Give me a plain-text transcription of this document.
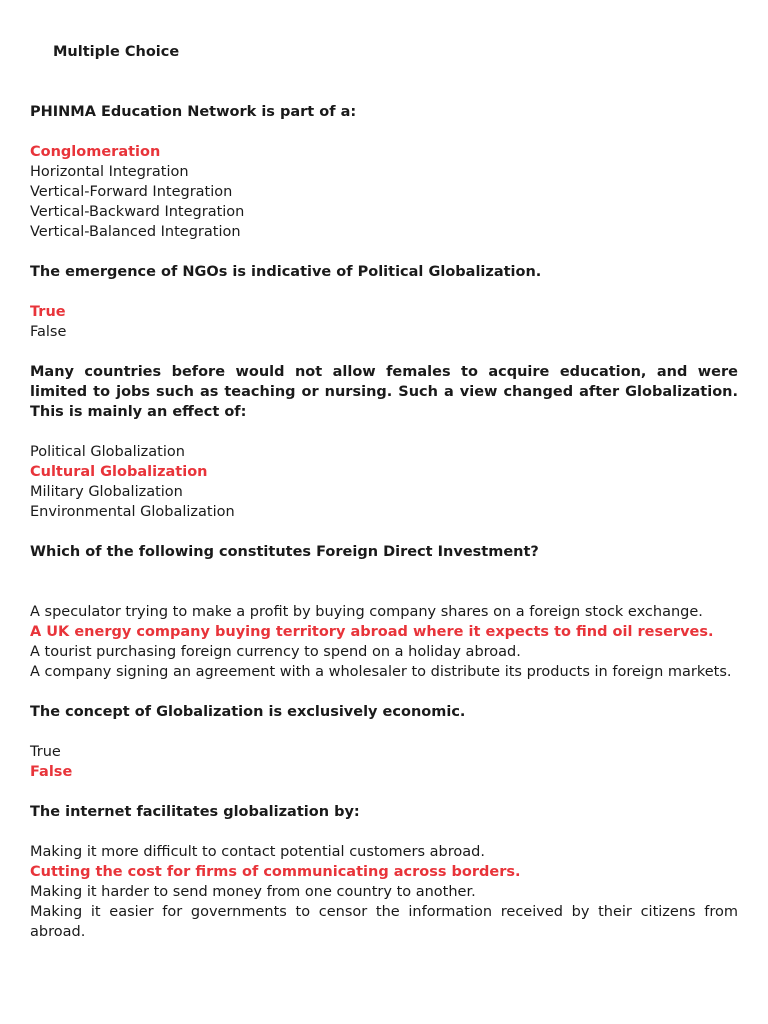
Multiple Choice
PHINMA Education Network is part of a:
Conglomeration
Horizontal Integration
Vertical-Forward Integration
Vertical-Backward Integration
Vertical-Balanced Integration
The emergence of NGOs is indicative of Political Globalization.
True
False
Many countries before would not allow females to acquire education, and were limited to jobs such as teaching or nursing. Such a view changed after Globalization. This is mainly an effect of:
Political Globalization
Cultural Globalization
Military Globalization
Environmental Globalization
Which of the following constitutes Foreign Direct Investment?
A speculator trying to make a profit by buying company shares on a foreign stock exchange.
A UK energy company buying territory abroad where it expects to find oil reserves.
A tourist purchasing foreign currency to spend on a holiday abroad.
A company signing an agreement with a wholesaler to distribute its products in foreign markets.
The concept of Globalization is exclusively economic.
True
False
The internet facilitates globalization by:
Making it more difficult to contact potential customers abroad.
Cutting the cost for firms of communicating across borders.
Making it harder to send money from one country to another.
Making it easier for governments to censor the information received by their citizens from abroad.
